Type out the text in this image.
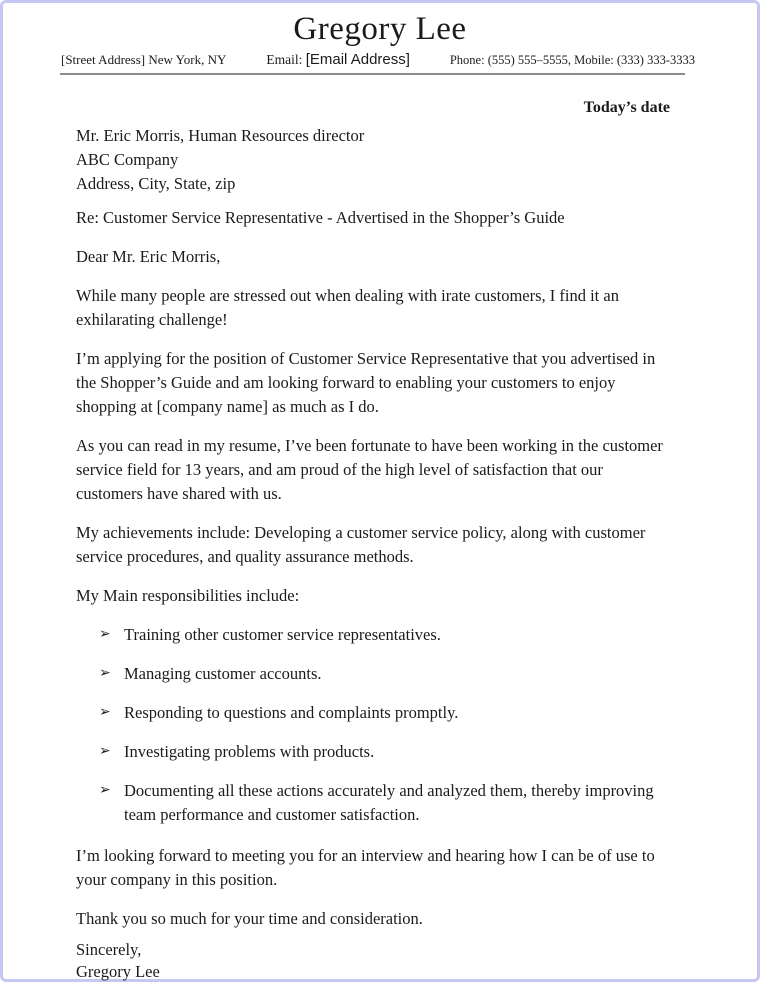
Gregory Lee
[Street Address] New York, NY	Email: [Email Address]	Phone: (555) 555–5555, Mobile: (333) 333-3333
Today’s date
Mr. Eric Morris, Human Resources director
ABC Company
Address, City, State, zip
Re: Customer Service Representative - Advertised in the Shopper’s Guide
Dear Mr. Eric Morris,
While many people are stressed out when dealing with irate customers, I find it an exhilarating challenge!
I’m applying for the position of Customer Service Representative that you advertised in the Shopper’s Guide and am looking forward to enabling your customers to enjoy shopping at [company name] as much as I do.
As you can read in my resume, I’ve been fortunate to have been working in the customer service field for 13 years, and am proud of the high level of satisfaction that our customers have shared with us.
My achievements include: Developing a customer service policy, along with customer service procedures, and quality assurance methods.
My Main responsibilities include:
➢ Training other customer service representatives.
➢ Managing customer accounts.
➢ Responding to questions and complaints promptly.
➢ Investigating problems with products.
➢ Documenting all these actions accurately and analyzed them, thereby improving team performance and customer satisfaction.
I’m looking forward to meeting you for an interview and hearing how I can be of use to your company in this position.
Thank you so much for your time and consideration.
Sincerely,
Gregory Lee
